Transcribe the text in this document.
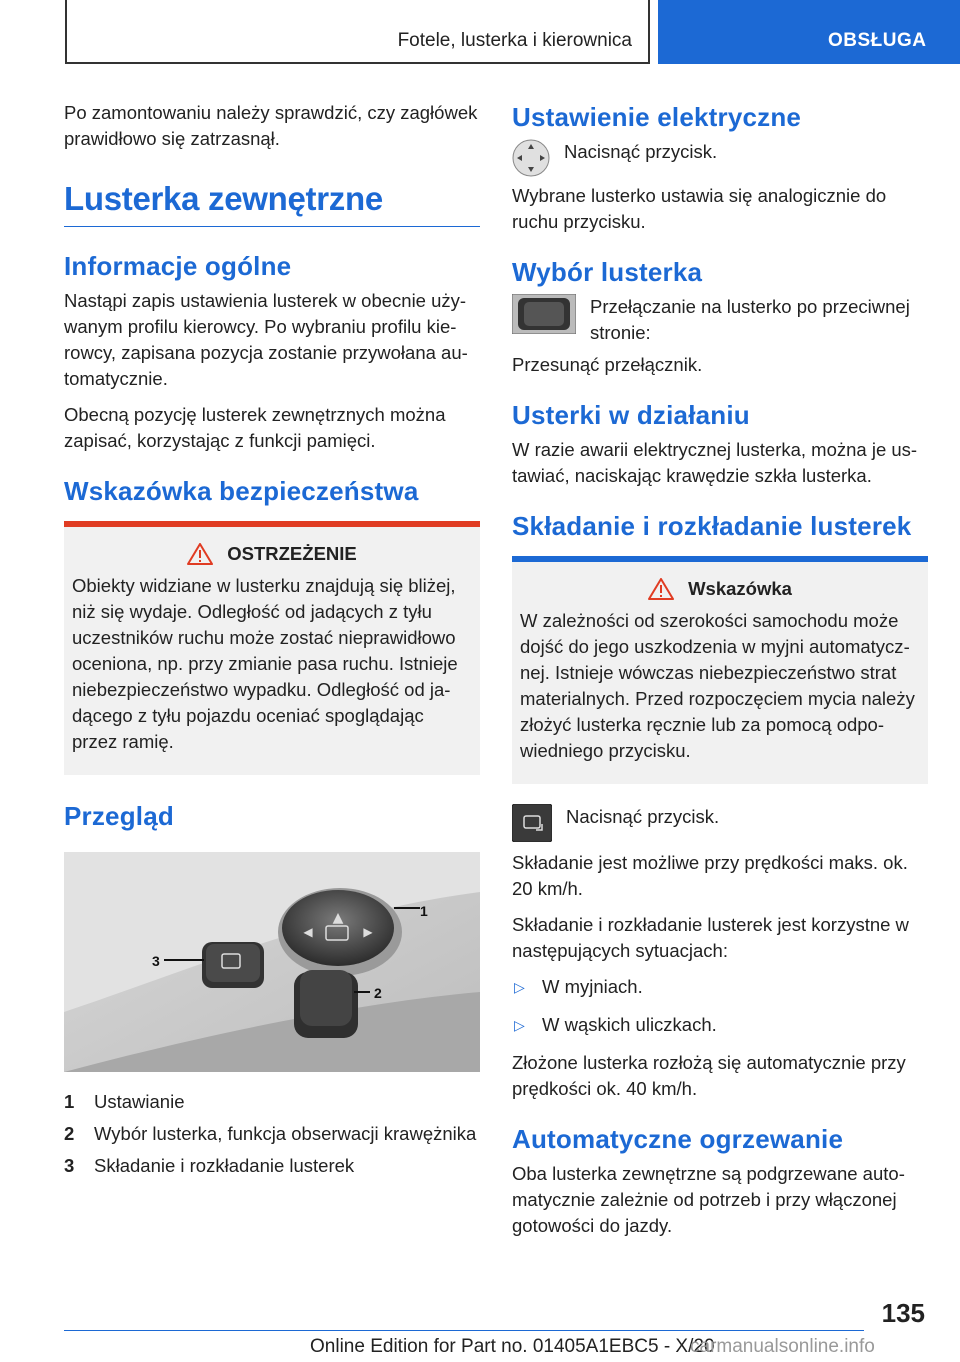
Fotele, lusterka i kierownica	OBSŁUGA

Po zamontowaniu należy sprawdzić, czy zagłówek prawidłowo się zatrzasnął.

Lusterka zewnętrzne
Informacje ogólne

Nastąpi zapis ustawienia lusterek w obecnie używanym profilu kierowcy. Po wybraniu profilu kierowcy, zapisana pozycja zostanie przywołana automatycznie.

Obecną pozycję lusterek zewnętrznych można zapisać, korzystając z funkcji pamięci.

Wskazówka bezpieczeństwa
OSTRZEŻENIE

Obiekty widziane w lusterku znajdują się bliżej, niż się wydaje. Odległość od jadących z tyłu uczestników ruchu może zostać nieprawidłowo oceniona, np. przy zmianie pasa ruchu. Istnieje niebezpieczeństwo wypadku. Odległość od jadącego z tyłu pojazdu oceniać spoglądając przez ramię.

Przegląd
▲
◀	▶
1
2
3
1	Ustawianie
2	Wybór lusterka, funkcja obserwacji krawężnika
3	Składanie i rozkładanie lusterek
Ustawienie elektryczne

Nacisnąć przycisk.

Wybrane lusterko ustawia się analogicznie do ruchu przycisku.

Wybór lusterka

Przełączanie na lusterko po przeciwnej stronie:

Przesunąć przełącznik.

Usterki w działaniu

W razie awarii elektrycznej lusterka, można je ustawiać, naciskając krawędzie szkła lusterka.

Składanie i rozkładanie lusterek
Wskazówka

W zależności od szerokości samochodu może dojść do jego uszkodzenia w myjni automatycznej. Istnieje wówczas niebezpieczeństwo strat materialnych. Przed rozpoczęciem mycia należy złożyć lusterka ręcznie lub za pomocą odpowiedniego przycisku.

Nacisnąć przycisk.

Składanie jest możliwe przy prędkości maks. ok. 20 km/h.

Składanie i rozkładanie lusterek jest korzystne w następujących sytuacjach:

▷ W myjniach.
▷ W wąskich uliczkach.

Złożone lusterka rozłożą się automatycznie przy prędkości ok. 40 km/h.

Automatyczne ogrzewanie

Oba lusterka zewnętrzne są podgrzewane automatycznie zależnie od potrzeb i przy włączonej gotowości do jazdy.

135
Online Edition for Part no. 01405A1EBC5 - X/20
carmanualsonline.info
